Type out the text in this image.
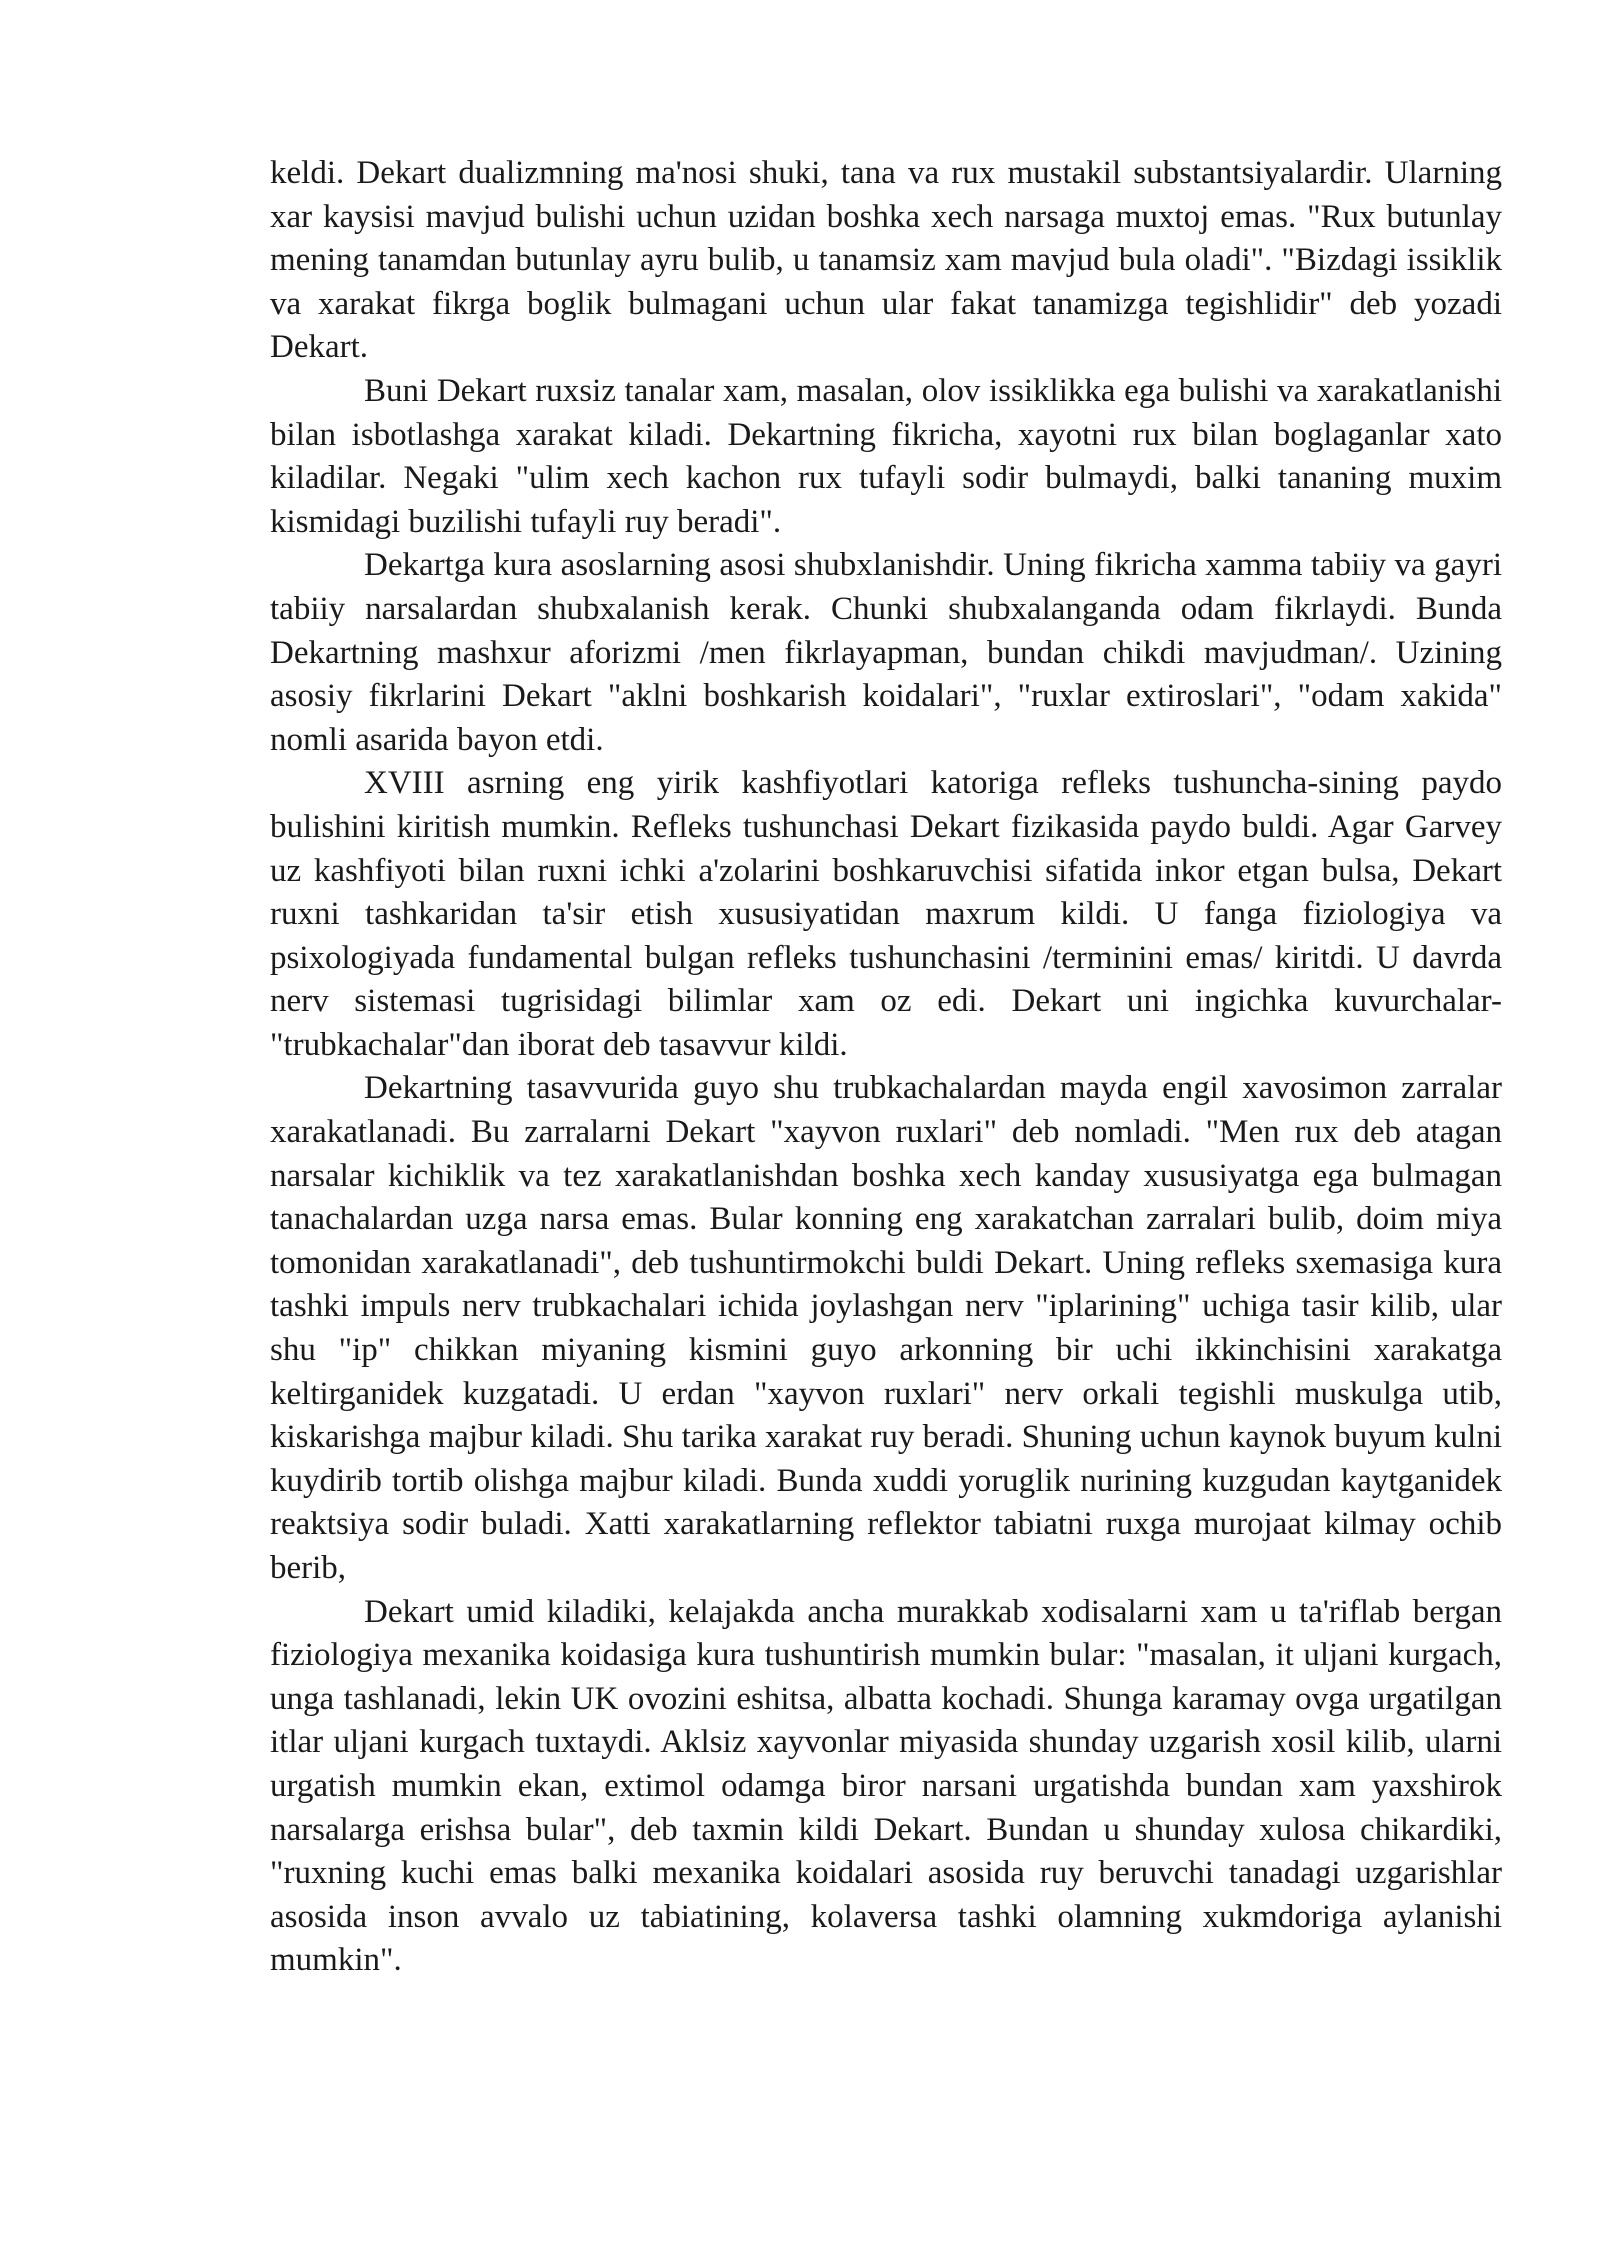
keldi. Dekart dualizmning ma'nosi shuki, tana va rux mustakil substantsiyalardir. Ularning xar kaysisi mavjud bulishi uchun uzidan boshka xech narsaga muxtoj emas. "Rux butunlay mening tanamdan butunlay ayru bulib, u tanamsiz xam mavjud bula oladi". "Bizdagi issiklik va xarakat fikrga boglik bulmagani uchun ular fakat tanamizga tegishlidir" deb yozadi Dekart.

Buni Dekart ruxsiz tanalar xam, masalan, olov issiklikka ega bulishi va xarakatlanishi bilan isbotlashga xarakat kiladi. Dekartning fikricha, xayotni rux bilan boglaganlar xato kiladilar. Negaki "ulim xech kachon rux tufayli sodir bulmaydi, balki tananing muxim kismidagi buzilishi tufayli ruy beradi".

Dekartga kura asoslarning asosi shubxlanishdir. Uning fikricha xamma tabiiy va gayri tabiiy narsalardan shubxalanish kerak. Chunki shubxalanganda odam fikrlaydi. Bunda Dekartning mashxur aforizmi /men fikrlayapman, bundan chikdi mavjudman/. Uzining asosiy fikrlarini Dekart "aklni boshkarish koidalari", "ruxlar extiroslari", "odam xakida" nomli asarida bayon etdi.

XVIII asrning eng yirik kashfiyotlari katoriga refleks tushuncha-sining paydo bulishini kiritish mumkin. Refleks tushunchasi Dekart fizikasida paydo buldi. Agar Garvey uz kashfiyoti bilan ruxni ichki a'zolarini boshkaruvchisi sifatida inkor etgan bulsa, Dekart ruxni tashkaridan ta'sir etish xususiyatidan maxrum kildi. U fanga fiziologiya va psixologiyada fundamental bulgan refleks tushunchasini /terminini emas/ kiritdi. U davrda nerv sistemasi tugrisidagi bilimlar xam oz edi. Dekart uni ingichka kuvurchalar-"trubkachalar"dan iborat deb tasavvur kildi.

Dekartning tasavvurida guyo shu trubkachalardan mayda engil xavosimon zarralar xarakatlanadi. Bu zarralarni Dekart "xayvon ruxlari" deb nomladi. "Men rux deb atagan narsalar kichiklik va tez xarakatlanishdan boshka xech kanday xususiyatga ega bulmagan tanachalardan uzga narsa emas. Bular konning eng xarakatchan zarralari bulib, doim miya tomonidan xarakatlanadi", deb tushuntirmokchi buldi Dekart. Uning refleks sxemasiga kura tashki impuls nerv trubkachalari ichida joylashgan nerv "iplarining" uchiga tasir kilib, ular shu "ip" chikkan miyaning kismini guyo arkonning bir uchi ikkinchisini xarakatga keltirganidek kuzgatadi. U erdan "xayvon ruxlari" nerv orkali tegishli muskulga utib, kiskarishga majbur kiladi. Shu tarika xarakat ruy beradi. Shuning uchun kaynok buyum kulni kuydirib tortib olishga majbur kiladi. Bunda xuddi yoruglik nurining kuzgudan kaytganidek reaktsiya sodir buladi. Xatti xarakatlarning reflektor tabiatni ruxga murojaat kilmay ochib berib,

Dekart umid kiladiki, kelajakda ancha murakkab xodisalarni xam u ta'riflab bergan fiziologiya mexanika koidasiga kura tushuntirish mumkin bular: "masalan, it uljani kurgach, unga tashlanadi, lekin UK ovozini eshitsa, albatta kochadi. Shunga karamay ovga urgatilgan itlar uljani kurgach tuxtaydi. Aklsiz xayvonlar miyasida shunday uzgarish xosil kilib, ularni urgatish mumkin ekan, extimol odamga biror narsani urgatishda bundan xam yaxshirok narsalarga erishsa bular", deb taxmin kildi Dekart. Bundan u shunday xulosa chikardiki, "ruxning kuchi emas balki mexanika koidalari asosida ruy beruvchi tanadagi uzgarishlar asosida inson avvalo uz tabiatining, kolaversa tashki olamning xukmdoriga aylanishi mumkin".
